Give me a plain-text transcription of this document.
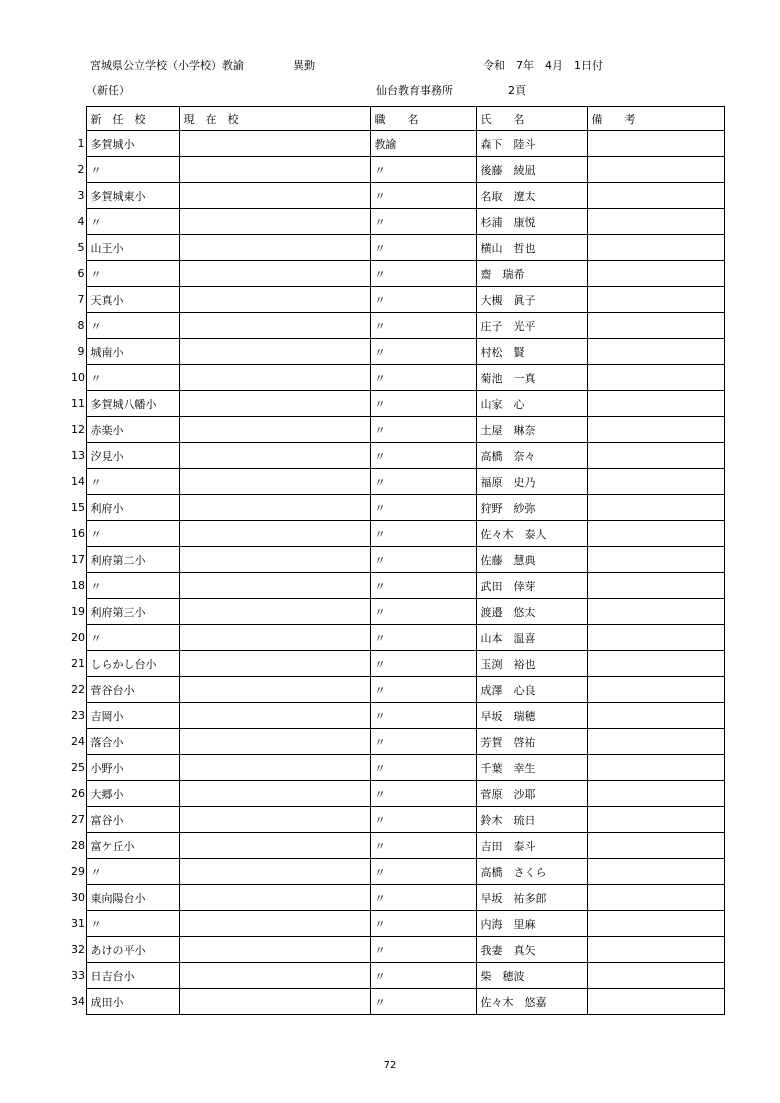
宮城県公立学校（小学校）教諭	異動	令和　7年　4月　1日付
（新任）	仙台教育事務所	2頁
	新　任　校	現　在　校	職　　名	氏　　名	備　　考
1	多賀城小		教諭	森下　陸斗	
2	〃		〃	後藤　綾凪	
3	多賀城東小		〃	名取　遼太	
4	〃		〃	杉浦　康悦	
5	山王小		〃	横山　哲也	
6	〃		〃	齋　瑞希	
7	天真小		〃	大槻　眞子	
8	〃		〃	庄子　光平	
9	城南小		〃	村松　賢	
10	〃		〃	菊池　一真	
11	多賀城八幡小		〃	山家　心	
12	赤楽小		〃	土屋　琳奈	
13	汐見小		〃	高橋　奈々	
14	〃		〃	福原　史乃	
15	利府小		〃	狩野　紗弥	
16	〃		〃	佐々木　泰人	
17	利府第二小		〃	佐藤　慧典	
18	〃		〃	武田　倖芽	
19	利府第三小		〃	渡邉　悠太	
20	〃		〃	山本　温喜	
21	しらかし台小		〃	玉渕　裕也	
22	菅谷台小		〃	成澤　心良	
23	吉岡小		〃	早坂　瑞穂	
24	落合小		〃	芳賀　啓祐	
25	小野小		〃	千葉　幸生	
26	大郷小		〃	菅原　沙耶	
27	富谷小		〃	鈴木　琉日	
28	富ケ丘小		〃	吉田　泰斗	
29	〃		〃	高橋　さくら	
30	東向陽台小		〃	早坂　祐多郎	
31	〃		〃	内海　里麻	
32	あけの平小		〃	我妻　真矢	
33	日吉台小		〃	柴　穂波	
34	成田小		〃	佐々木　悠嘉	
72
